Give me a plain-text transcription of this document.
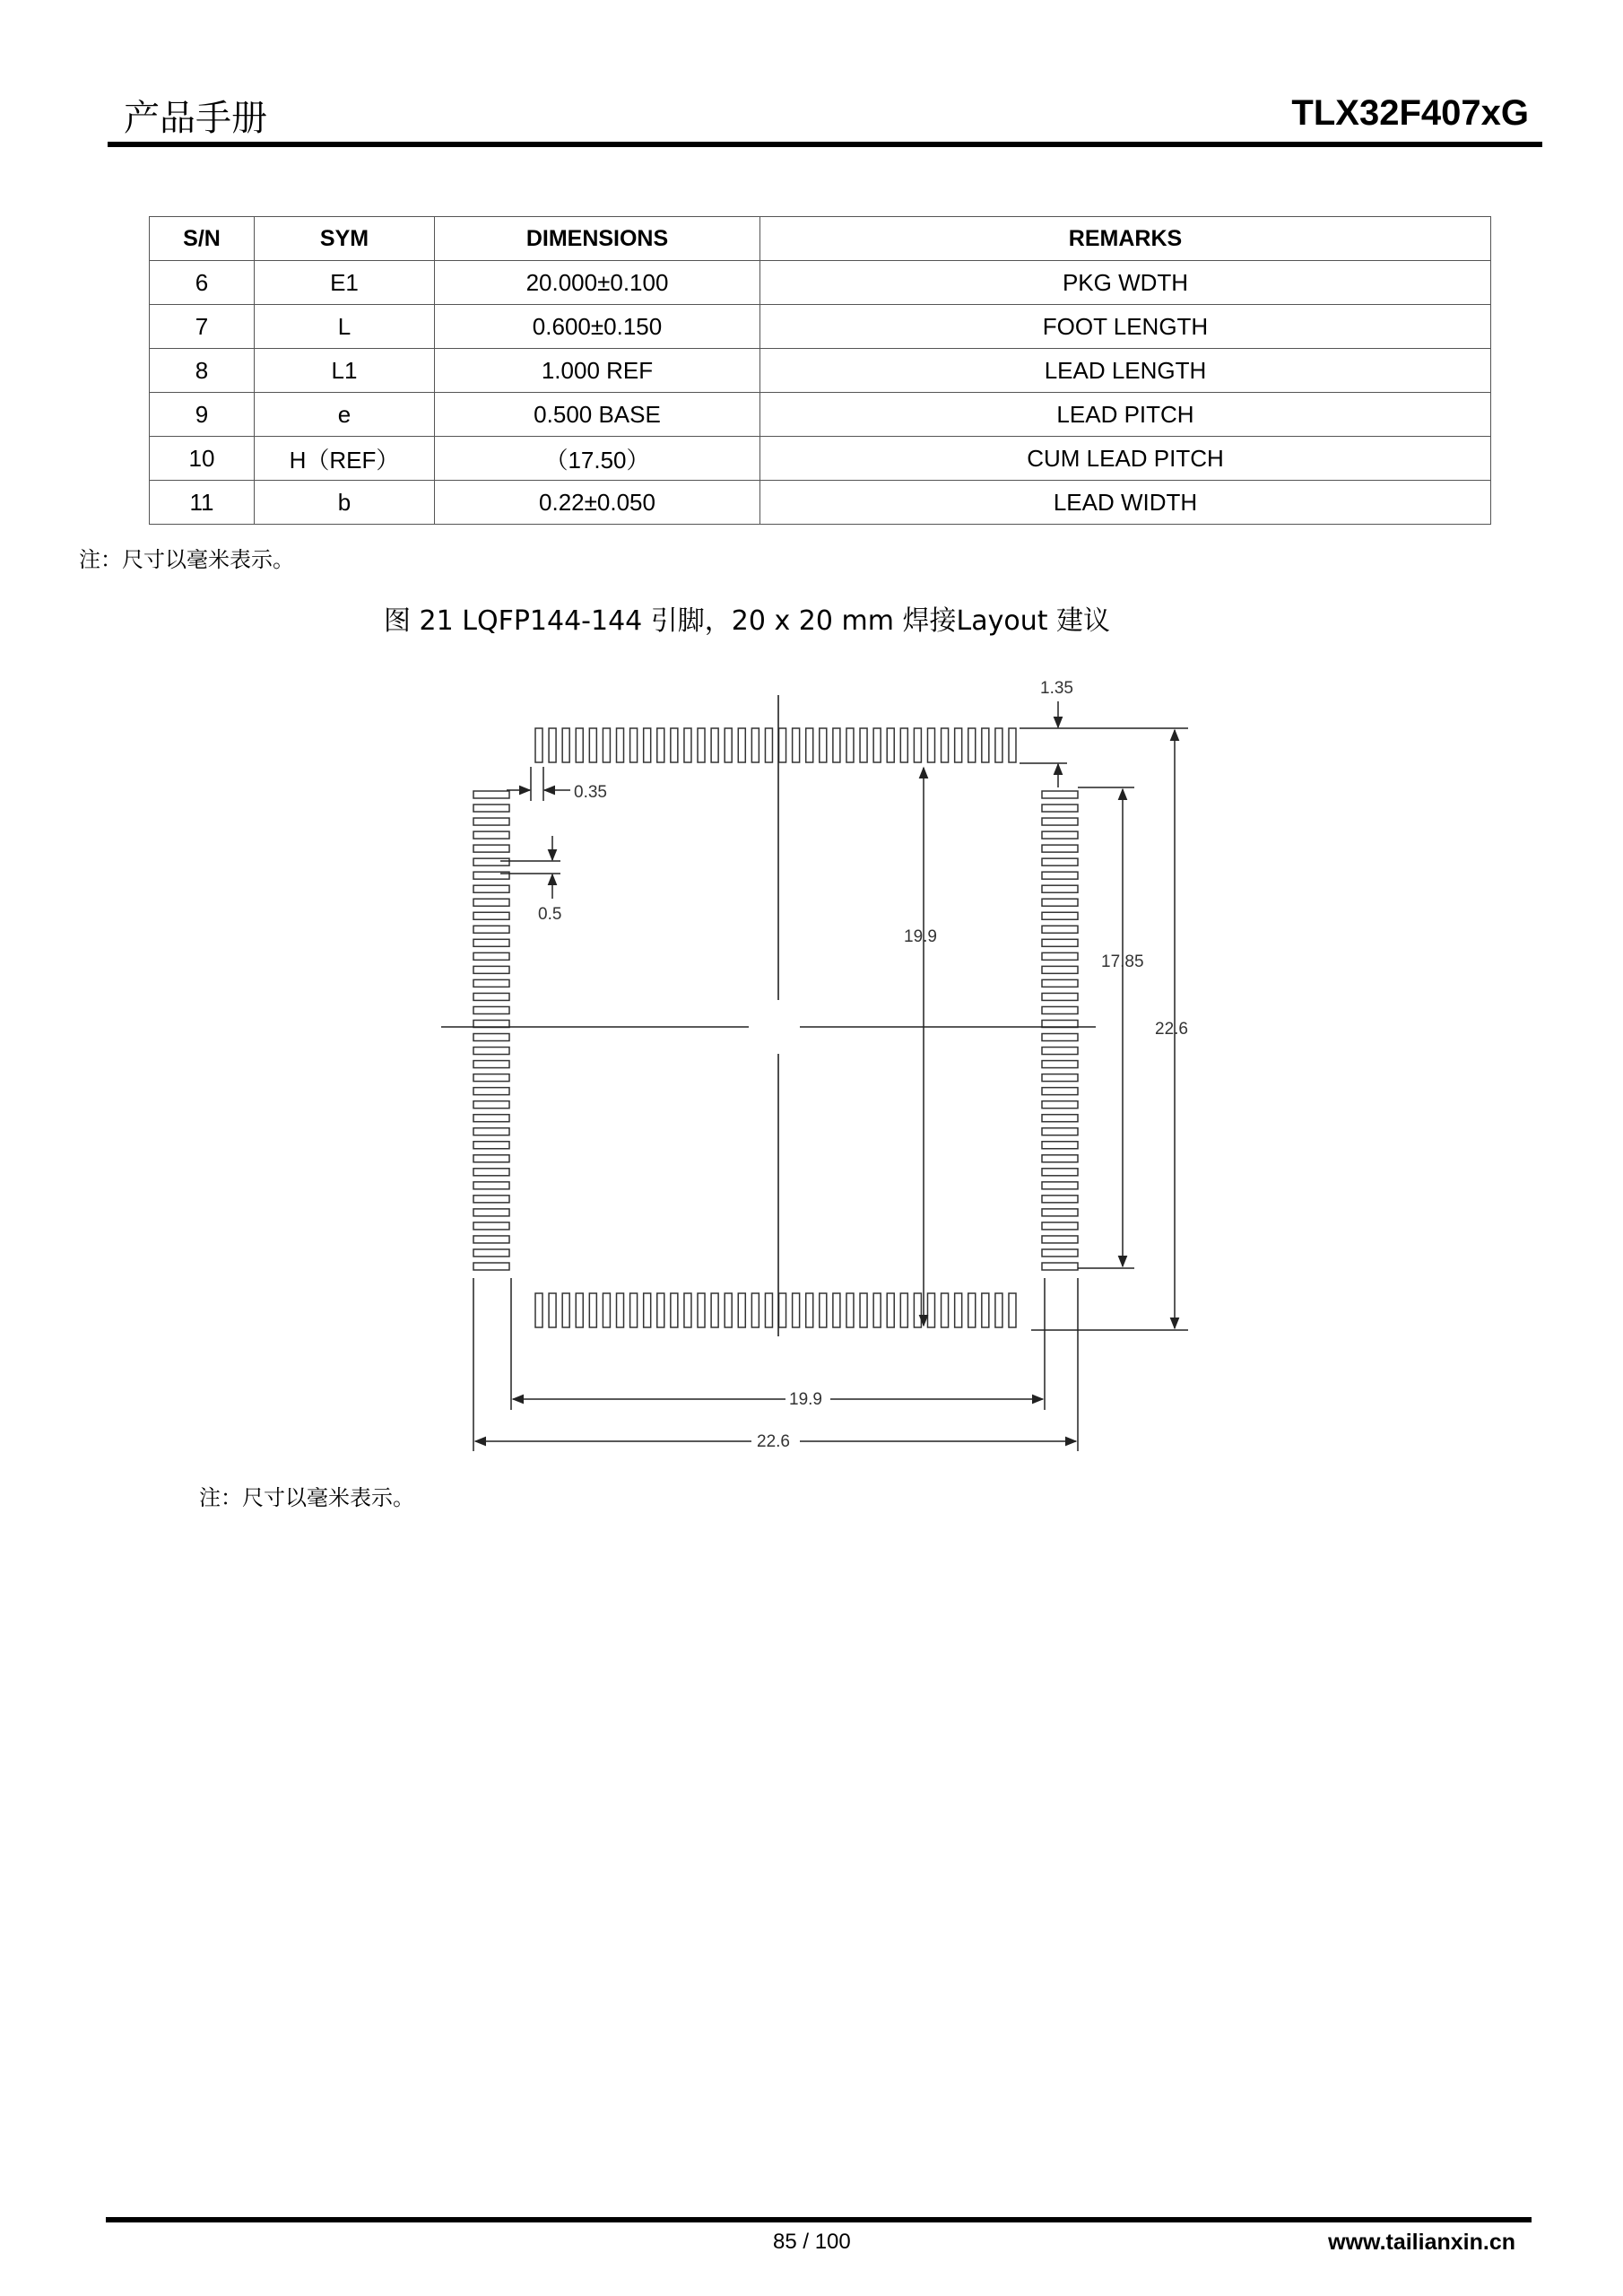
产品手册	TLX32F407xG
S/N	SYM	DIMENSIONS	REMARKS
6	E1	20.000±0.100	PKG WDTH
7	L	0.600±0.150	FOOT LENGTH
8	L1	1.000 REF	LEAD LENGTH
9	e	0.500 BASE	LEAD PITCH
10	H（REF）	（17.50）	CUM LEAD PITCH
11	b	0.22±0.050	LEAD WIDTH
注：尺寸以毫米表示。
图 21 LQFP144-144 引脚，20 x 20 mm 焊接Layout 建议
0.35
0.5
1.35
19.9
17.85
22.6
19.9
22.6
注：尺寸以毫米表示。
85 / 100	www.tailianxin.cn
